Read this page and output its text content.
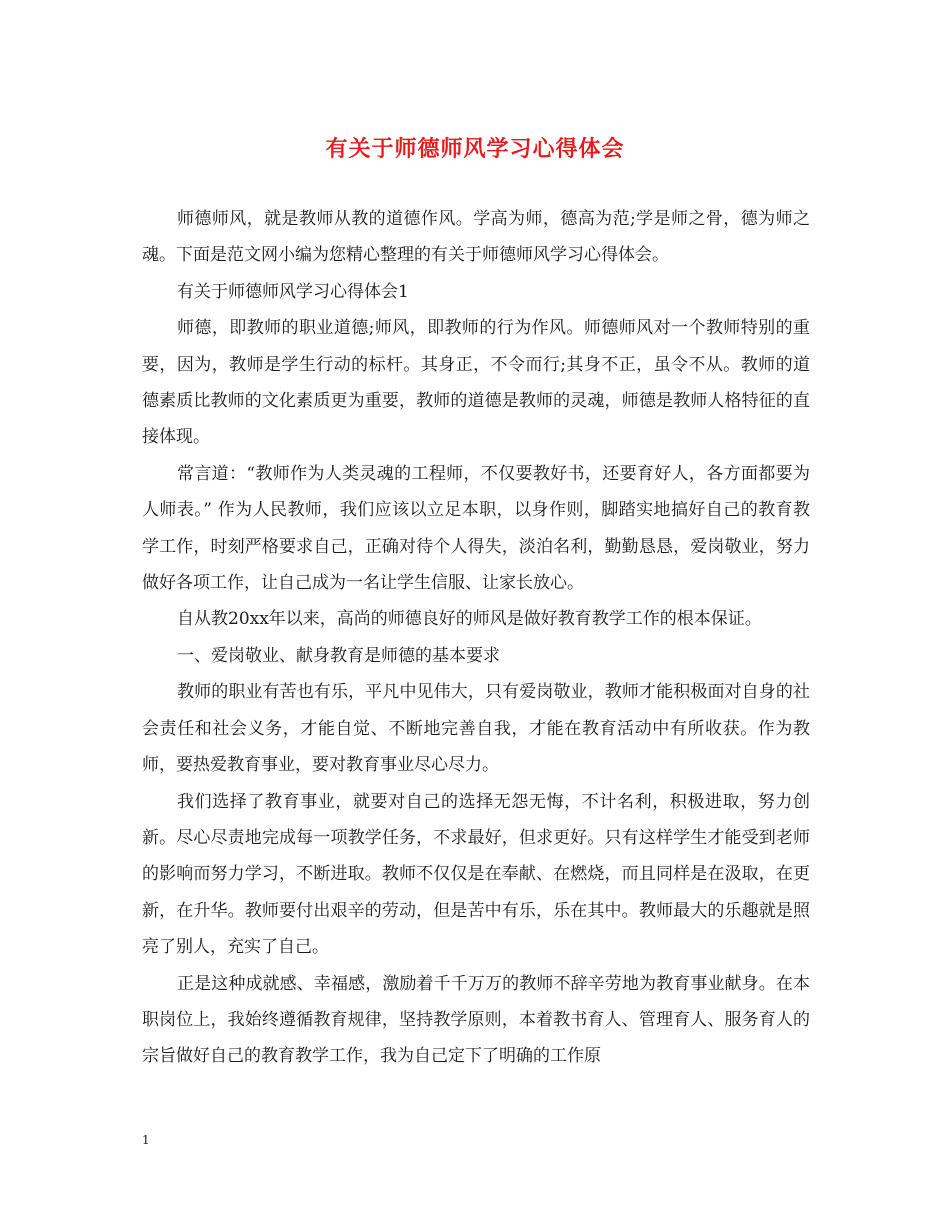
有关于师德师风学习心得体会

师德师风，就是教师从教的道德作风。学高为师，德高为范;学是师之骨，德为师之魂。下面是范文网小编为您精心整理的有关于师德师风学习心得体会。

有关于师德师风学习心得体会1

师德，即教师的职业道德;师风，即教师的行为作风。师德师风对一个教师特别的重要，因为，教师是学生行动的标杆。其身正，不令而行;其身不正，虽令不从。教师的道德素质比教师的文化素质更为重要，教师的道德是教师的灵魂，师德是教师人格特征的直接体现。

常言道：“教师作为人类灵魂的工程师，不仅要教好书，还要育好人，各方面都要为人师表。” 作为人民教师，我们应该以立足本职，以身作则，脚踏实地搞好自己的教育教学工作，时刻严格要求自己，正确对待个人得失，淡泊名利，勤勤恳恳，爱岗敬业，努力做好各项工作，让自己成为一名让学生信服、让家长放心。

自从教20xx年以来，高尚的师德良好的师风是做好教育教学工作的根本保证。

一、爱岗敬业、献身教育是师德的基本要求

教师的职业有苦也有乐，平凡中见伟大，只有爱岗敬业，教师才能积极面对自身的社会责任和社会义务，才能自觉、不断地完善自我，才能在教育活动中有所收获。作为教师，要热爱教育事业，要对教育事业尽心尽力。

我们选择了教育事业，就要对自己的选择无怨无悔，不计名利，积极进取，努力创新。尽心尽责地完成每一项教学任务，不求最好，但求更好。只有这样学生才能受到老师的影响而努力学习，不断进取。教师不仅仅是在奉献、在燃烧，而且同样是在汲取，在更新，在升华。教师要付出艰辛的劳动，但是苦中有乐，乐在其中。教师最大的乐趣就是照亮了别人，充实了自己。

正是这种成就感、幸福感，激励着千千万万的教师不辞辛劳地为教育事业献身。在本职岗位上，我始终遵循教育规律，坚持教学原则，本着教书育人、管理育人、服务育人的宗旨做好自己的教育教学工作，我为自己定下了明确的工作原

1
